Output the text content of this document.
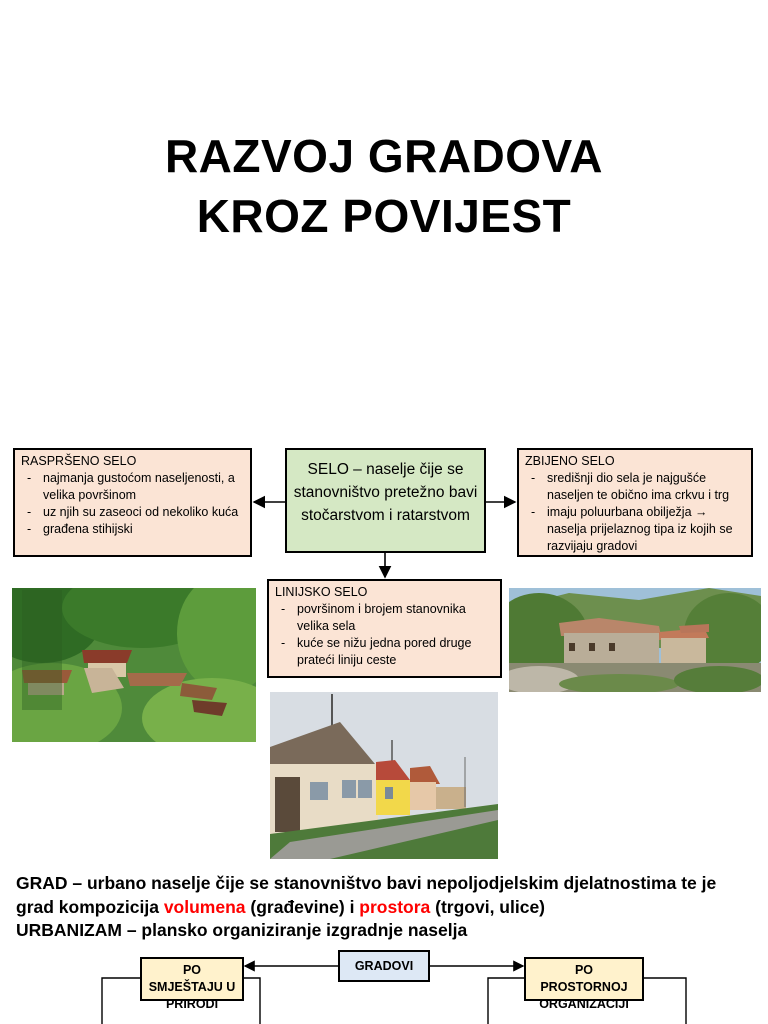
RAZVOJ GRADOVA
KROZ POVIJEST
RASPRŠENO SELO
- najmanja gustoćom naseljenosti, a velika površinom
- uz njih su zaseoci od nekoliko kuća
- građena stihijski
SELO – naselje čije se stanovništvo pretežno bavi stočarstvom i ratarstvom
ZBIJENO SELO
- središnji dio sela je najgušće naseljen te obično ima crkvu i trg
- imaju poluurbana obilježja → naselja prijelaznog tipa iz kojih se razvijaju gradovi
LINIJSKO SELO
- površinom i brojem stanovnika velika sela
- kuće se nižu jedna pored druge prateći liniju ceste
GRAD – urbano naselje čije se stanovništvo bavi nepoljodjelskim djelatnostima te je grad kompozicija volumena (građevine) i prostora (trgovi, ulice)
URBANIZAM – plansko organiziranje izgradnje naselja
GRADOVI
PO SMJEŠTAJU U PRIRODI
PO PROSTORNOJ ORGANIZACIJI
